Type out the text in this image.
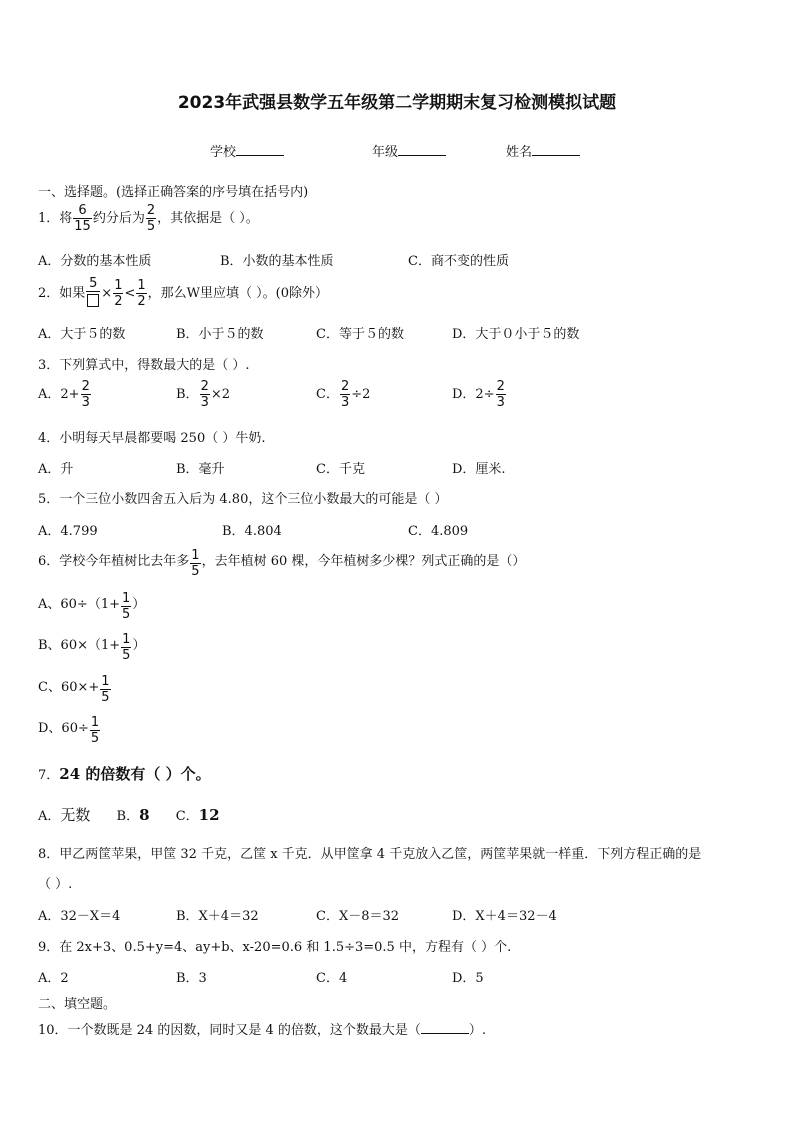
2023年武强县数学五年级第二学期期末复习检测模拟试题
学校	年级	姓名
一、选择题。(选择正确答案的序号填在括号内)
1．将 $\frac{6}{15}$ 约分后为 $\frac{2}{5}$ ，其依据是（ ）。
A．分数的基本性质	B．小数的基本性质	C．商不变的性质
2．如果
5
× $\frac{1}{2} < \frac{1}{2}$ ，那么W里应填（ ）。(0除外）
A．大于５的数	B．小于５的数	C．等于５的数	D．大于０小于５的数
3．下列算式中，得数最大的是（ ）.
A．$2+ \frac{2}{3}$	B． $\frac{2}{3} \times 2$	C． $\frac{2}{3} \div 2$	D．$2\div \frac{2}{3}$
4．小明每天早晨都要喝 250（ ）牛奶.
A．升	B．毫升	C．千克	D．厘米.
5．一个三位小数四舍五入后为 4.80，这个三位小数最大的可能是（ ）
A．4.799	B．4.804	C．4.809
6．学校今年植树比去年多 $\frac{1}{5}$ ，去年植树 60 棵，今年植树多少棵？列式正确的是（）
A、$60\div(1+ \frac{1}{5}$ ）
B、$60\times(1+ \frac{1}{5}$ ）
C、$60\times+ \frac{1}{5}$
D、$60\div \frac{1}{5}$
7．24 的倍数有（ ）个。
A．无数 B．8 C．12
8．甲乙两筐苹果，甲筐 32 千克，乙筐 x 千克．从甲筐拿 4 千克放入乙筐，两筐苹果就一样重．下列方程正确的是
（ ）.
A．32－X＝4	B．X＋4＝32	C．X－8＝32	D．X＋4＝32－4
9．在 2x+3、0.5+y=4、ay+b、x-20=0.6 和 1.5÷3=0.5 中，方程有（ ）个.
A．2	B．3	C．4	D．5
二、填空题。
10．一个数既是 24 的因数，同时又是 4 的倍数，这个数最大是（	）.
